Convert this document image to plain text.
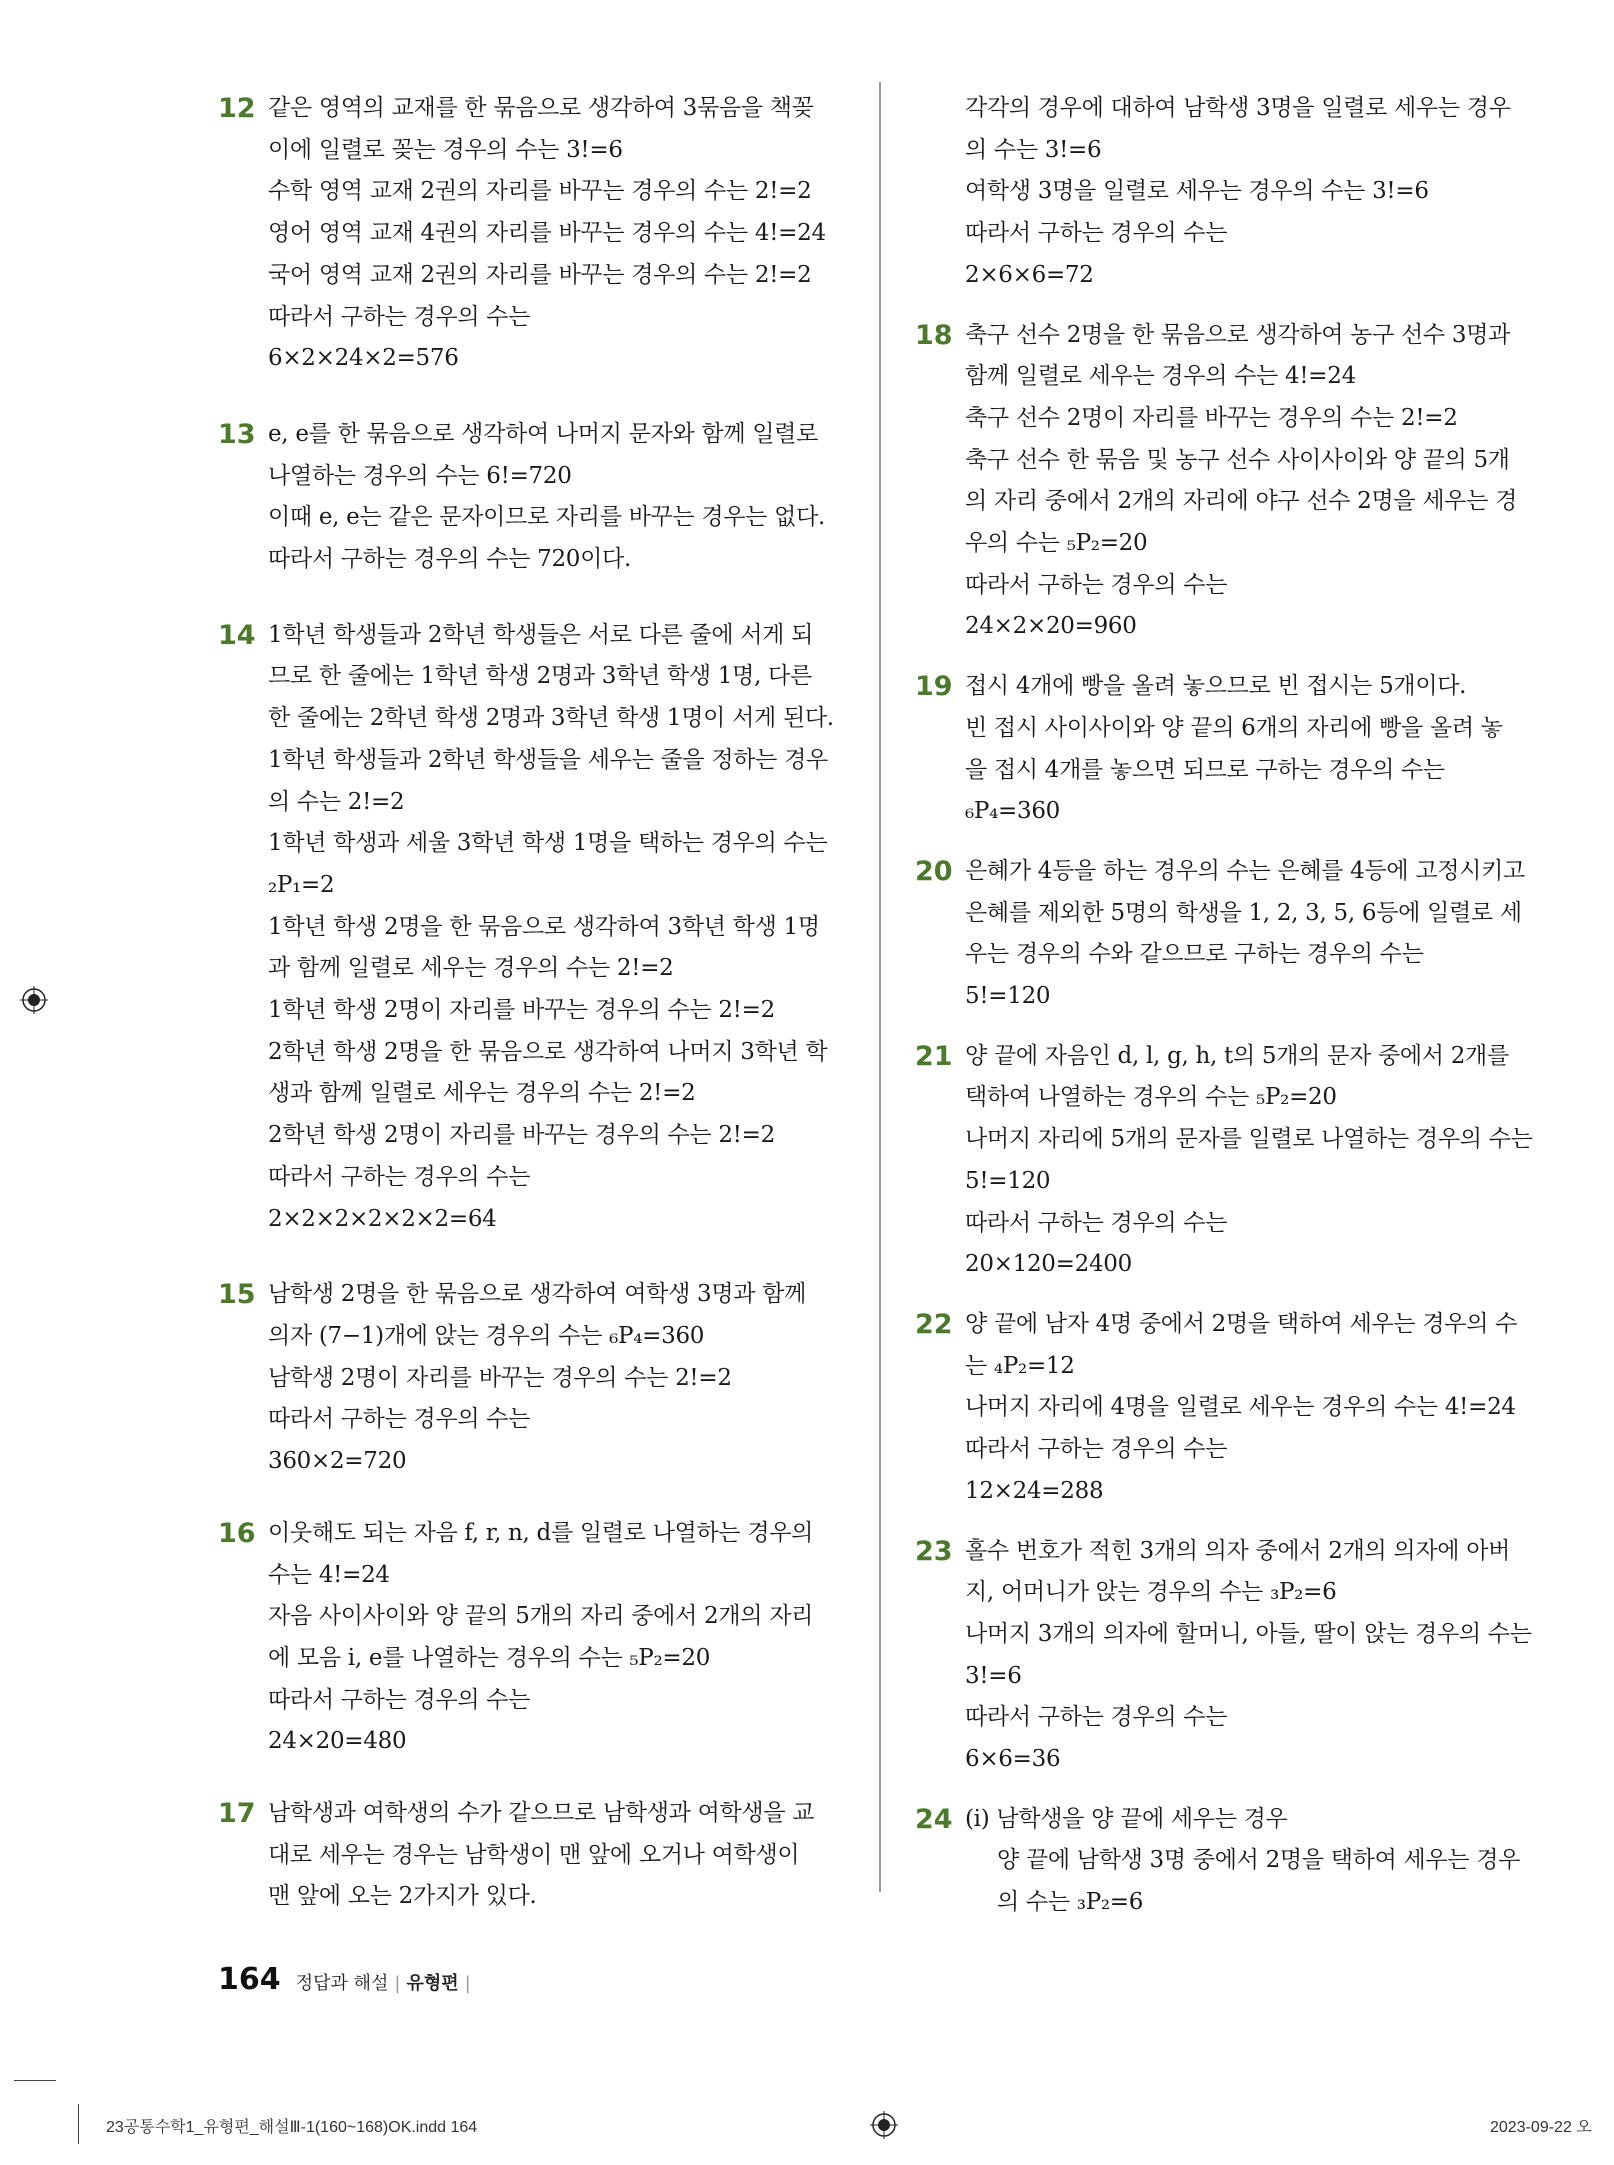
12 같은 영역의 교재를 한 묶음으로 생각하여 3묶음을 책꽂
이에 일렬로 꽂는 경우의 수는 3!=6
수학 영역 교재 2권의 자리를 바꾸는 경우의 수는 2!=2
영어 영역 교재 4권의 자리를 바꾸는 경우의 수는 4!=24
국어 영역 교재 2권의 자리를 바꾸는 경우의 수는 2!=2
따라서 구하는 경우의 수는
6×2×24×2=576
13 e, e를 한 묶음으로 생각하여 나머지 문자와 함께 일렬로
나열하는 경우의 수는 6!=720
이때 e, e는 같은 문자이므로 자리를 바꾸는 경우는 없다.
따라서 구하는 경우의 수는 720이다.
14 1학년 학생들과 2학년 학생들은 서로 다른 줄에 서게 되
므로 한 줄에는 1학년 학생 2명과 3학년 학생 1명, 다른
한 줄에는 2학년 학생 2명과 3학년 학생 1명이 서게 된다.
1학년 학생들과 2학년 학생들을 세우는 줄을 정하는 경우
의 수는 2!=2
1학년 학생과 세울 3학년 학생 1명을 택하는 경우의 수는
₂P₁=2
1학년 학생 2명을 한 묶음으로 생각하여 3학년 학생 1명
과 함께 일렬로 세우는 경우의 수는 2!=2
1학년 학생 2명이 자리를 바꾸는 경우의 수는 2!=2
2학년 학생 2명을 한 묶음으로 생각하여 나머지 3학년 학
생과 함께 일렬로 세우는 경우의 수는 2!=2
2학년 학생 2명이 자리를 바꾸는 경우의 수는 2!=2
따라서 구하는 경우의 수는
2×2×2×2×2×2=64
15 남학생 2명을 한 묶음으로 생각하여 여학생 3명과 함께
의자 (7−1)개에 앉는 경우의 수는 ₆P₄=360
남학생 2명이 자리를 바꾸는 경우의 수는 2!=2
따라서 구하는 경우의 수는
360×2=720
16 이웃해도 되는 자음 f, r, n, d를 일렬로 나열하는 경우의
수는 4!=24
자음 사이사이와 양 끝의 5개의 자리 중에서 2개의 자리
에 모음 i, e를 나열하는 경우의 수는 ₅P₂=20
따라서 구하는 경우의 수는
24×20=480
17 남학생과 여학생의 수가 같으므로 남학생과 여학생을 교
대로 세우는 경우는 남학생이 맨 앞에 오거나 여학생이
맨 앞에 오는 2가지가 있다.
각각의 경우에 대하여 남학생 3명을 일렬로 세우는 경우
의 수는 3!=6
여학생 3명을 일렬로 세우는 경우의 수는 3!=6
따라서 구하는 경우의 수는
2×6×6=72
18 축구 선수 2명을 한 묶음으로 생각하여 농구 선수 3명과
함께 일렬로 세우는 경우의 수는 4!=24
축구 선수 2명이 자리를 바꾸는 경우의 수는 2!=2
축구 선수 한 묶음 및 농구 선수 사이사이와 양 끝의 5개
의 자리 중에서 2개의 자리에 야구 선수 2명을 세우는 경
우의 수는 ₅P₂=20
따라서 구하는 경우의 수는
24×2×20=960
19 접시 4개에 빵을 올려 놓으므로 빈 접시는 5개이다.
빈 접시 사이사이와 양 끝의 6개의 자리에 빵을 올려 놓
을 접시 4개를 놓으면 되므로 구하는 경우의 수는
₆P₄=360
20 은혜가 4등을 하는 경우의 수는 은혜를 4등에 고정시키고
은혜를 제외한 5명의 학생을 1, 2, 3, 5, 6등에 일렬로 세
우는 경우의 수와 같으므로 구하는 경우의 수는
5!=120
21 양 끝에 자음인 d, l, g, h, t의 5개의 문자 중에서 2개를
택하여 나열하는 경우의 수는 ₅P₂=20
나머지 자리에 5개의 문자를 일렬로 나열하는 경우의 수는
5!=120
따라서 구하는 경우의 수는
20×120=2400
22 양 끝에 남자 4명 중에서 2명을 택하여 세우는 경우의 수
는 ₄P₂=12
나머지 자리에 4명을 일렬로 세우는 경우의 수는 4!=24
따라서 구하는 경우의 수는
12×24=288
23 홀수 번호가 적힌 3개의 의자 중에서 2개의 의자에 아버
지, 어머니가 앉는 경우의 수는 ₃P₂=6
나머지 3개의 의자에 할머니, 아들, 딸이 앉는 경우의 수는
3!=6
따라서 구하는 경우의 수는
6×6=36
24 (i) 남학생을 양 끝에 세우는 경우
양 끝에 남학생 3명 중에서 2명을 택하여 세우는 경우
의 수는 ₃P₂=6
164 정답과 해설 | 유형편 |
23공통수학1_유형편_해설Ⅲ-1(160~168)OK.indd 164	2023-09-22 오
